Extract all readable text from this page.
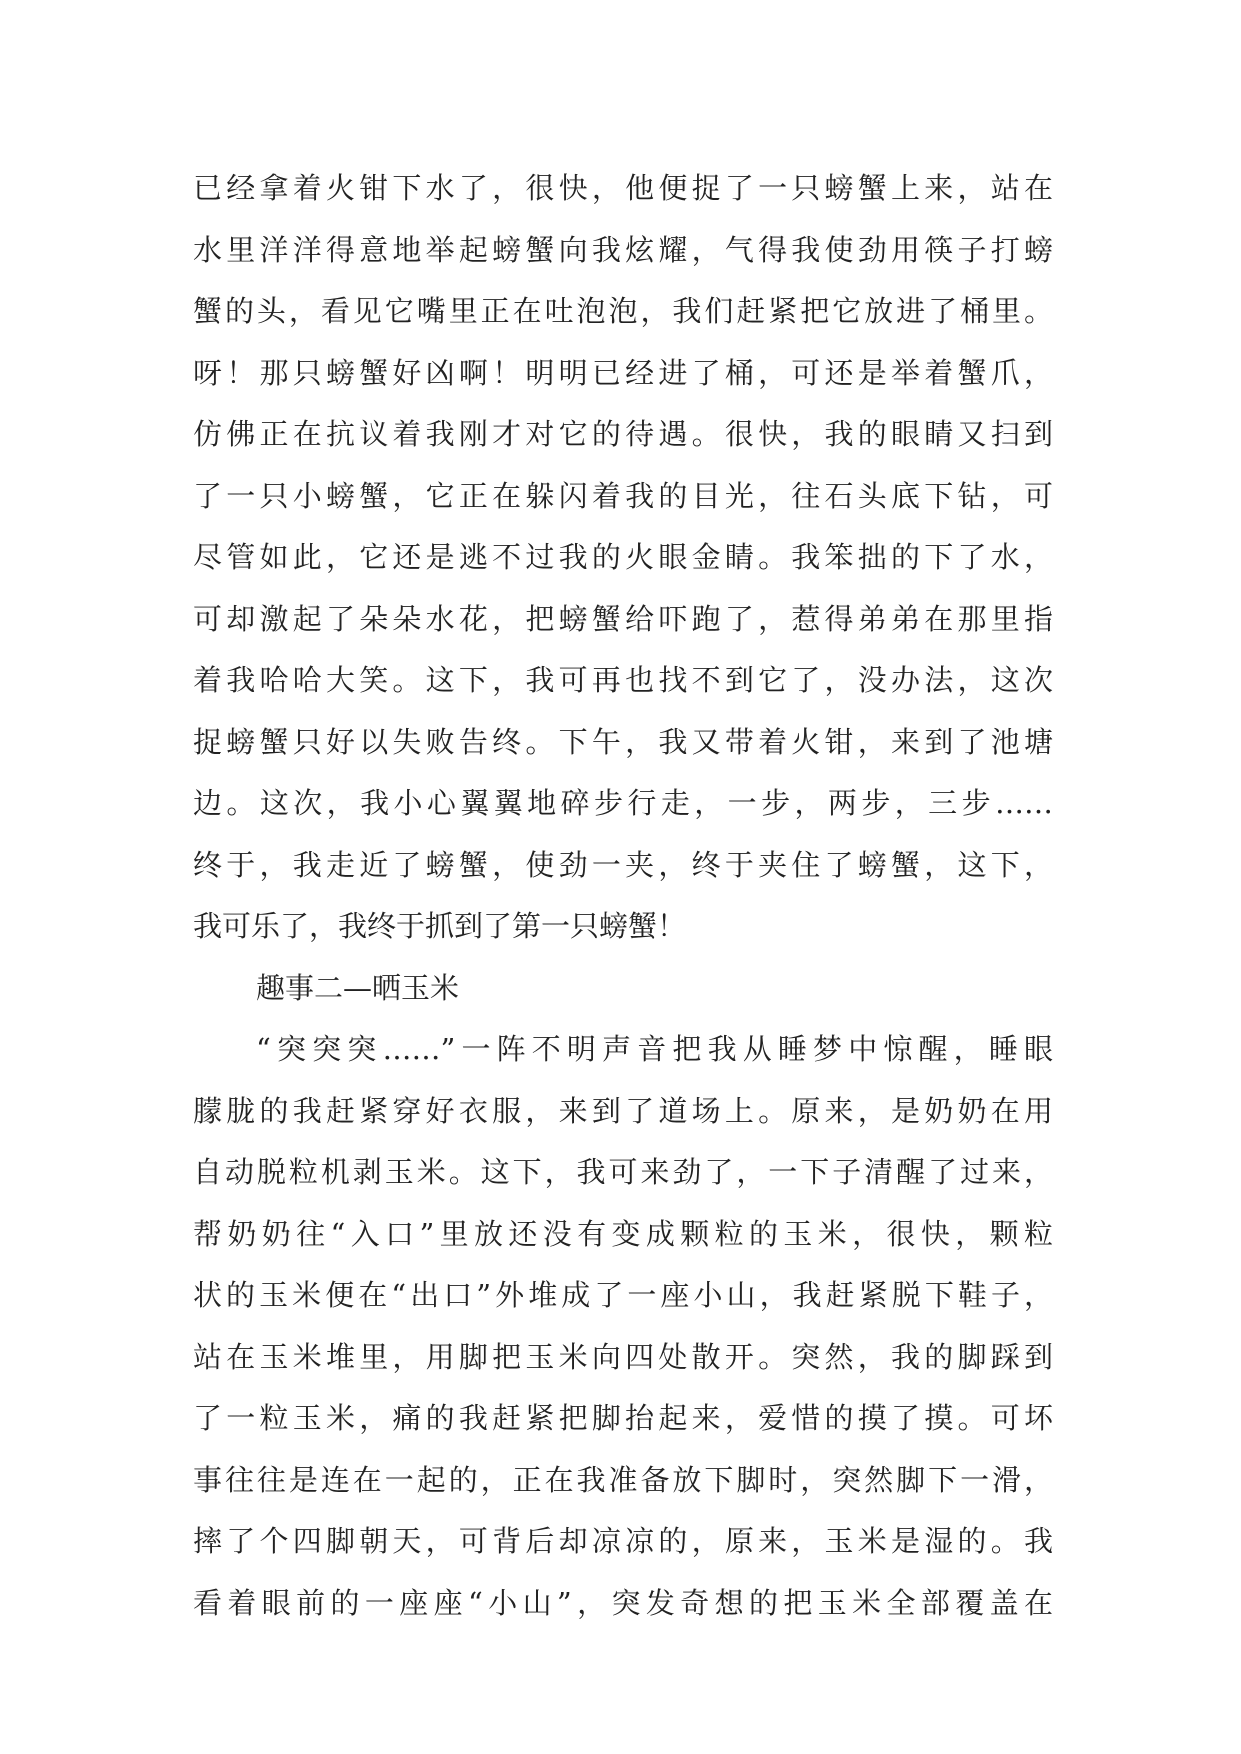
已经拿着火钳下水了，很快，他便捉了一只螃蟹上来，站在
水里洋洋得意地举起螃蟹向我炫耀，气得我使劲用筷子打螃
蟹的头，看见它嘴里正在吐泡泡，我们赶紧把它放进了桶里。
呀！那只螃蟹好凶啊！明明已经进了桶，可还是举着蟹爪，
仿佛正在抗议着我刚才对它的待遇。很快，我的眼睛又扫到
了一只小螃蟹，它正在躲闪着我的目光，往石头底下钻，可
尽管如此，它还是逃不过我的火眼金睛。我笨拙的下了水，
可却激起了朵朵水花，把螃蟹给吓跑了，惹得弟弟在那里指
着我哈哈大笑。这下，我可再也找不到它了，没办法，这次
捉螃蟹只好以失败告终。下午，我又带着火钳，来到了池塘
边。这次，我小心翼翼地碎步行走，一步，两步，三步……
终于，我走近了螃蟹，使劲一夹，终于夹住了螃蟹，这下，
我可乐了，我终于抓到了第一只螃蟹！
趣事二—晒玉米
“突突突……”一阵不明声音把我从睡梦中惊醒，睡眼
朦胧的我赶紧穿好衣服，来到了道场上。原来，是奶奶在用
自动脱粒机剥玉米。这下，我可来劲了，一下子清醒了过来，
帮奶奶往“入口”里放还没有变成颗粒的玉米，很快，颗粒
状的玉米便在“出口”外堆成了一座小山，我赶紧脱下鞋子，
站在玉米堆里，用脚把玉米向四处散开。突然，我的脚踩到
了一粒玉米，痛的我赶紧把脚抬起来，爱惜的摸了摸。可坏
事往往是连在一起的，正在我准备放下脚时，突然脚下一滑，
摔了个四脚朝天，可背后却凉凉的，原来，玉米是湿的。我
看着眼前的一座座“小山”，突发奇想的把玉米全部覆盖在
